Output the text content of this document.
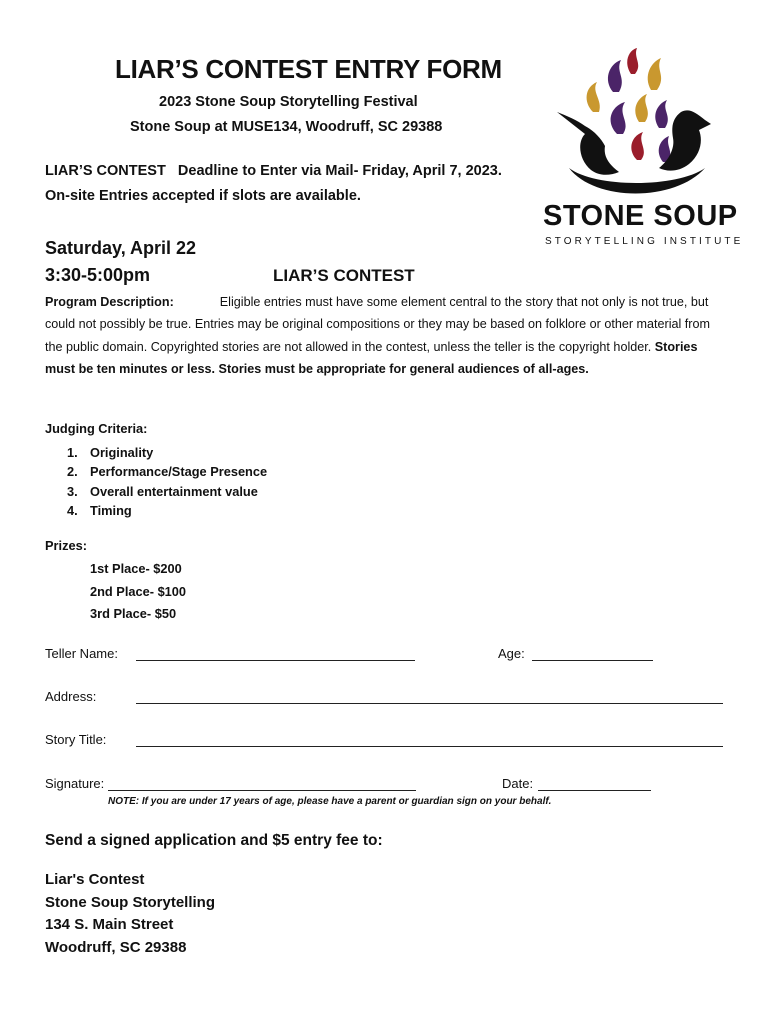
LIAR’S CONTEST ENTRY FORM
2023 Stone Soup Storytelling Festival
Stone Soup at MUSE134, Woodruff, SC 29388
LIAR’S CONTEST   Deadline to Enter via Mail- Friday, April 7, 2023.
On-site Entries accepted if slots are available.
Saturday, April 22
3:30-5:00pm	LIAR’S CONTEST
STONE SOUP
STORYTELLING INSTITUTE
Program Description:	Eligible entries must have some element central to the story that not only is not true, but could not possibly be true. Entries may be original compositions or they may be based on folklore or other material from the public domain. Copyrighted stories are not allowed in the contest, unless the teller is the copyright holder. Stories must be ten minutes or less. Stories must be appropriate for general audiences of all-ages.
Judging Criteria:
1. Originality
2. Performance/Stage Presence
3. Overall entertainment value
4. Timing
Prizes:
1st Place- $200
2nd Place- $100
3rd Place- $50
Teller Name:	Age:
Address:
Story Title:
Signature:	Date:
NOTE: If you are under 17 years of age, please have a parent or guardian sign on your behalf.
Send a signed application and $5 entry fee to:
Liar's Contest
Stone Soup Storytelling
134 S. Main Street
Woodruff, SC 29388
